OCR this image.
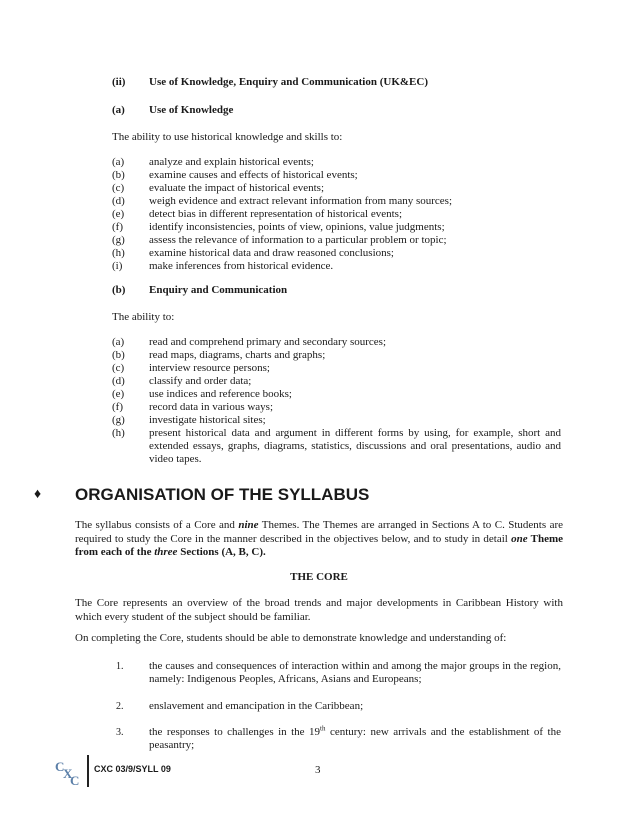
(ii) Use of Knowledge, Enquiry and Communication (UK&EC)
(a) Use of Knowledge
The ability to use historical knowledge and skills to:
(a) analyze and explain historical events;
(b) examine causes and effects of historical events;
(c) evaluate the impact of historical events;
(d) weigh evidence and extract relevant information from many sources;
(e) detect bias in different representation of historical events;
(f) identify inconsistencies, points of view, opinions, value judgments;
(g) assess the relevance of information to a particular problem or topic;
(h) examine historical data and draw reasoned conclusions;
(i) make inferences from historical evidence.
(b) Enquiry and Communication
The ability to:
(a) read and comprehend primary and secondary sources;
(b) read maps, diagrams, charts and graphs;
(c) interview resource persons;
(d) classify and order data;
(e) use indices and reference books;
(f) record data in various ways;
(g) investigate historical sites;
(h) present historical data and argument in different forms by using, for example, short and extended essays, graphs, diagrams, statistics, discussions and oral presentations, audio and video tapes.
♦ ORGANISATION OF THE SYLLABUS

The syllabus consists of a Core and nine Themes. The Themes are arranged in Sections A to C. Students are required to study the Core in the manner described in the objectives below, and to study in detail one Theme from each of the three Sections (A, B, C).

THE CORE

The Core represents an overview of the broad trends and major developments in Caribbean History with which every student of the subject should be familiar.

On completing the Core, students should be able to demonstrate knowledge and understanding of:

1. the causes and consequences of interaction within and among the major groups in the region, namely: Indigenous Peoples, Africans, Asians and Europeans;
2. enslavement and emancipation in the Caribbean;
3. the responses to challenges in the 19th century: new arrivals and the establishment of the peasantry;
C
X
C
CXC 03/9/SYLL 09	3
